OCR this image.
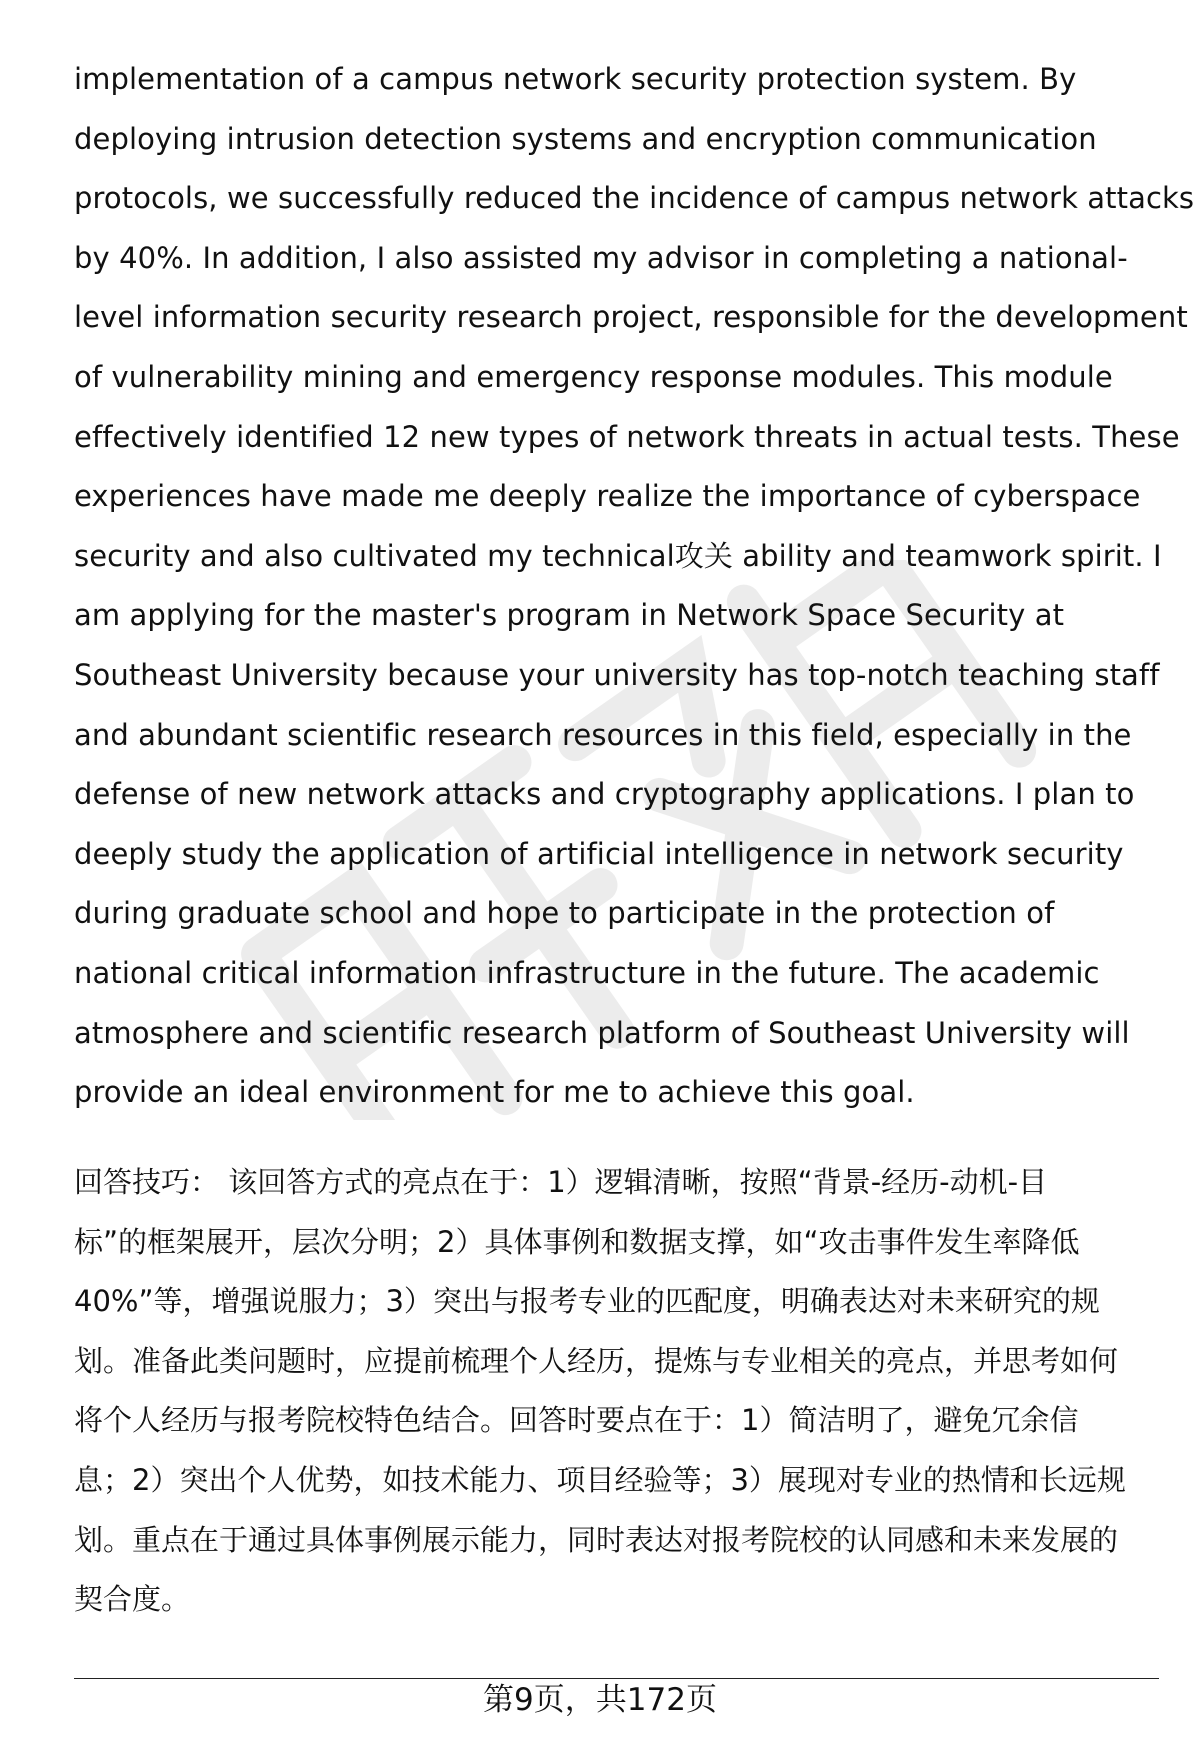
implementation of a campus network security protection system. By
deploying intrusion detection systems and encryption communication
protocols, we successfully reduced the incidence of campus network attacks
by 40%. In addition, I also assisted my advisor in completing a national-
level information security research project, responsible for the development
of vulnerability mining and emergency response modules. This module
effectively identified 12 new types of network threats in actual tests. These
experiences have made me deeply realize the importance of cyberspace
security and also cultivated my technical攻关 ability and teamwork spirit. I
am applying for the master's program in Network Space Security at
Southeast University because your university has top-notch teaching staff
and abundant scientific research resources in this field, especially in the
defense of new network attacks and cryptography applications. I plan to
deeply study the application of artificial intelligence in network security
during graduate school and hope to participate in the protection of
national critical information infrastructure in the future. The academic
atmosphere and scientific research platform of Southeast University will
provide an ideal environment for me to achieve this goal.
回答技巧： 该回答方式的亮点在于：1）逻辑清晰，按照“背景-经历-动机-目
标”的框架展开，层次分明；2）具体事例和数据支撑，如“攻击事件发生率降低
40%”等，增强说服力；3）突出与报考专业的匹配度，明确表达对未来研究的规
划。准备此类问题时，应提前梳理个人经历，提炼与专业相关的亮点，并思考如何
将个人经历与报考院校特色结合。回答时要点在于：1）简洁明了，避免冗余信
息；2）突出个人优势，如技术能力、项目经验等；3）展现对专业的热情和长远规
划。重点在于通过具体事例展示能力，同时表达对报考院校的认同感和未来发展的
契合度。
第9页，共172页
